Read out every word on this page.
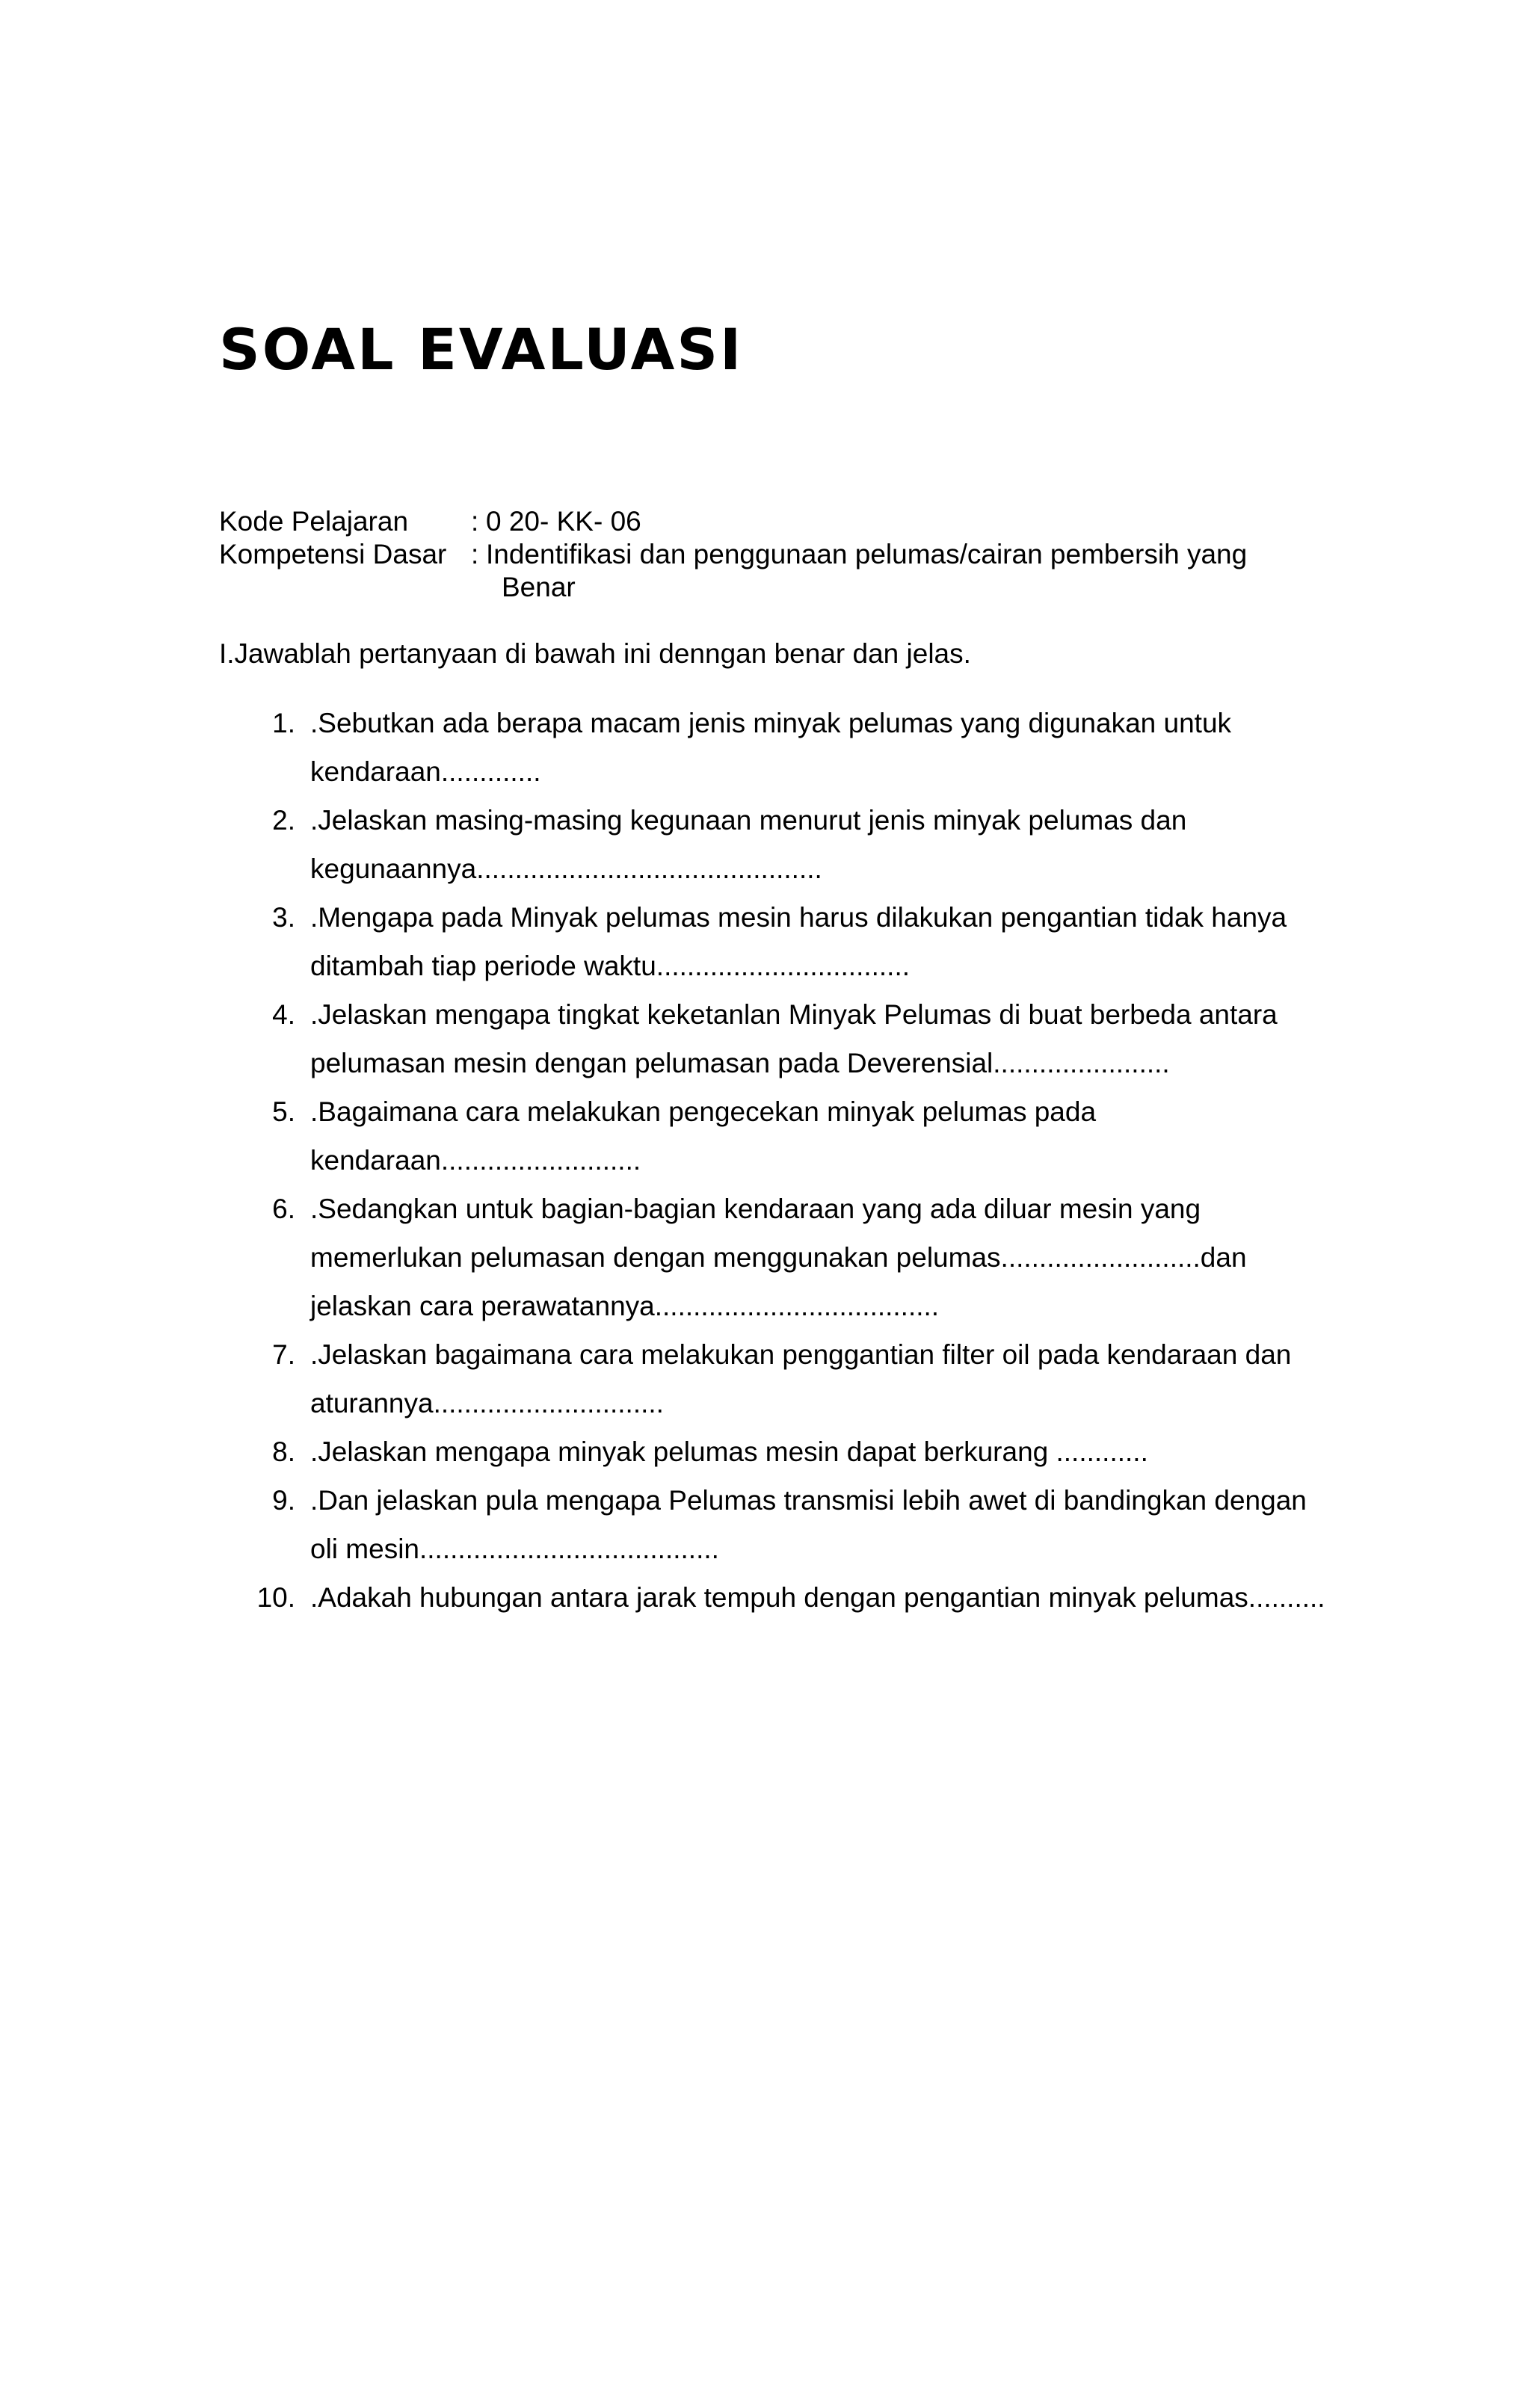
SOAL EVALUASI
Kode Pelajaran	: 0 20- KK- 06
Kompetensi Dasar : Indentifikasi dan penggunaan pelumas/cairan pembersih yang
Benar

I.Jawablah pertanyaan di bawah ini denngan benar dan jelas.

1. .Sebutkan ada berapa macam jenis minyak pelumas yang digunakan untuk
kendaraan.............
2. .Jelaskan masing-masing kegunaan menurut jenis minyak pelumas dan
kegunaannya.............................................
3. .Mengapa pada Minyak pelumas mesin harus dilakukan pengantian tidak hanya
ditambah tiap periode waktu.................................
4. .Jelaskan mengapa tingkat keketanlan Minyak Pelumas di buat berbeda antara
pelumasan mesin dengan pelumasan pada Deverensial.......................
5. .Bagaimana cara melakukan pengecekan minyak pelumas pada
kendaraan..........................
6. .Sedangkan untuk bagian-bagian kendaraan yang ada diluar mesin yang
memerlukan pelumasan dengan menggunakan pelumas..........................dan
jelaskan cara perawatannya.....................................
7. .Jelaskan bagaimana cara melakukan penggantian filter oil pada kendaraan dan
aturannya..............................
8. .Jelaskan mengapa minyak pelumas mesin dapat berkurang ............
9. .Dan jelaskan pula mengapa Pelumas transmisi lebih awet di bandingkan dengan
oli mesin.......................................
10. .Adakah hubungan antara jarak tempuh dengan pengantian minyak pelumas..........
